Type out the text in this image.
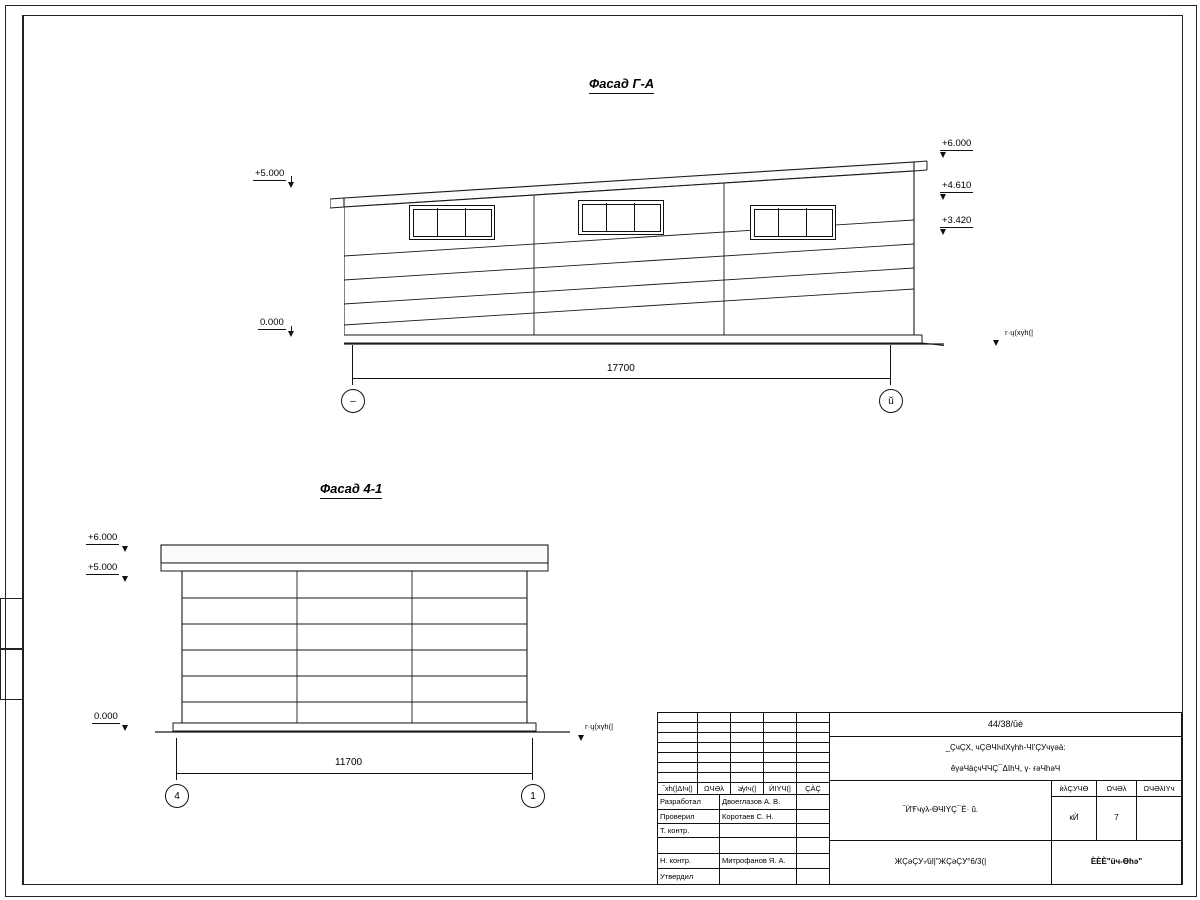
Фасад Г-А
+5.000
0.000
+6.000
+4.610
+3.420
г·ų(хγһ(|
17700
–	ŭ
Фасад 4-1
+6.000
+5.000
0.000
г·ų(хγһ(|
11700
4	1
‾хһ(|ΔІч(|	ΩЧƏλ	≱γІч(|	ЍІYЧ(|	ÇÀÇ
Разработал	Двоеглазов А. В.
Проверил	Коротаев С. Н.
Т. контр.
Н. контр.	Митрофанов Я. А.
Утвердил
44/38/ūè
_ÇчÇХ, чÇƏЧІчІХγһһ‑ЧІ'ÇУчγəä:
êγəЧäçчЧЧÇ¯ΔІһЧ, γ· ғəЧһəЧ
‾Ѝ'Ғчγλ‑ѲЧІYÇ¯Ѐ· ŭ.
ѝλÇУЧѲ	ΩЧƏλ	ΩЧƏλІΥч
кЍ	7
ЖÇəÇУ‑∕ūǀ|"ЖÇəÇУ°6/3(|	ЀЀЀ"üч‑Ѳһə"
